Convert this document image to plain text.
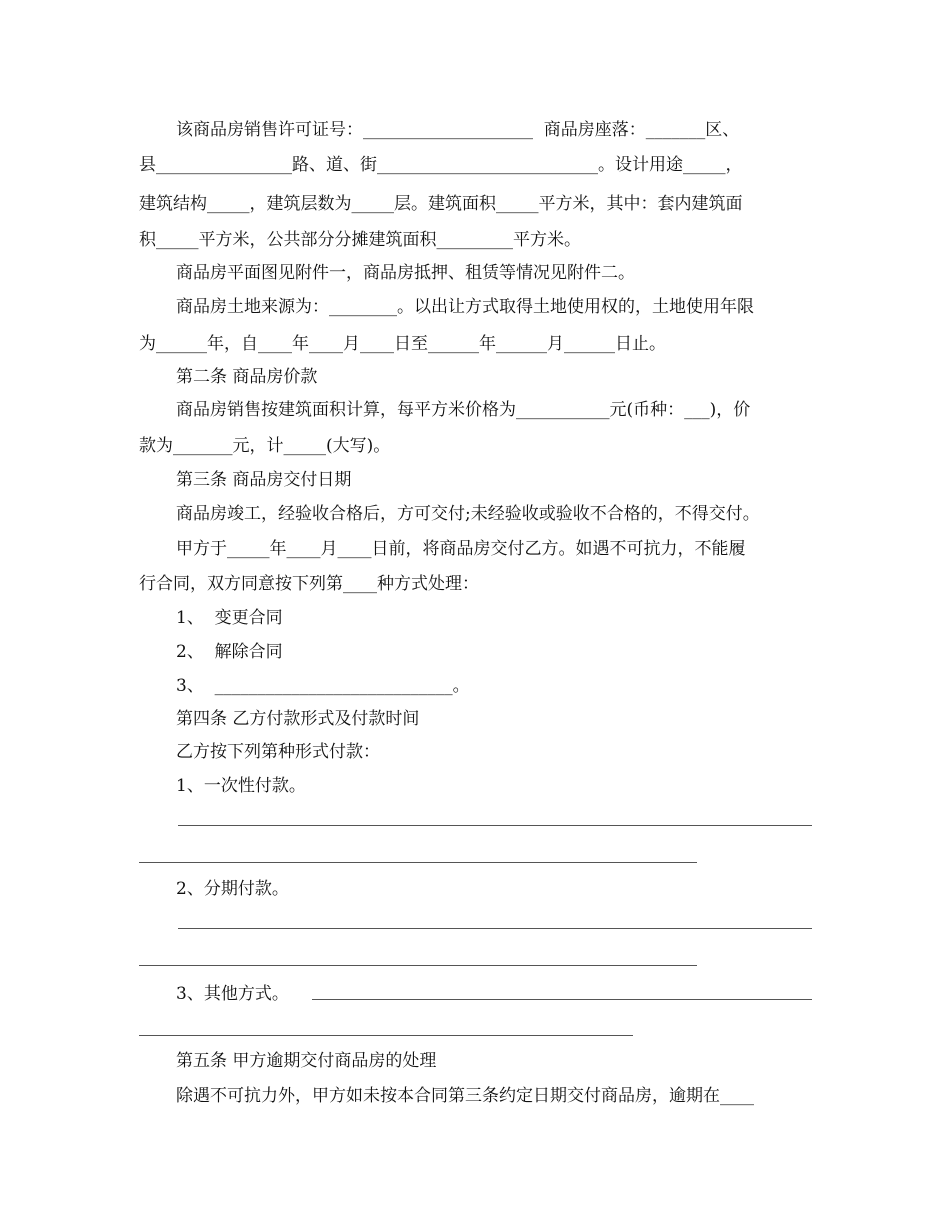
该商品房销售许可证号：____________________  商品房座落：_______区、
县________________路、道、街__________________________。设计用途_____，
建筑结构_____，建筑层数为_____层。建筑面积_____平方米，其中：套内建筑面
积_____平方米，公共部分分摊建筑面积_________平方米。
商品房平面图见附件一，商品房抵押、租赁等情况见附件二。
商品房土地来源为：________。以出让方式取得土地使用权的，土地使用年限
为______年，自____年____月____日至______年______月______日止。
第二条 商品房价款
商品房销售按建筑面积计算，每平方米价格为___________元(币种：___)，价
款为_______元，计_____(大写)。
第三条 商品房交付日期
商品房竣工，经验收合格后，方可交付;未经验收或验收不合格的，不得交付。
甲方于_____年____月____日前，将商品房交付乙方。如遇不可抗力，不能履
行合同，双方同意按下列第____种方式处理：
1、  变更合同
2、  解除合同
3、  ____________________________。
第四条 乙方付款形式及付款时间
乙方按下列第种形式付款：
1、一次性付款。
2、分期付款。
3、其他方式。
第五条 甲方逾期交付商品房的处理
除遇不可抗力外，甲方如未按本合同第三条约定日期交付商品房，逾期在____
